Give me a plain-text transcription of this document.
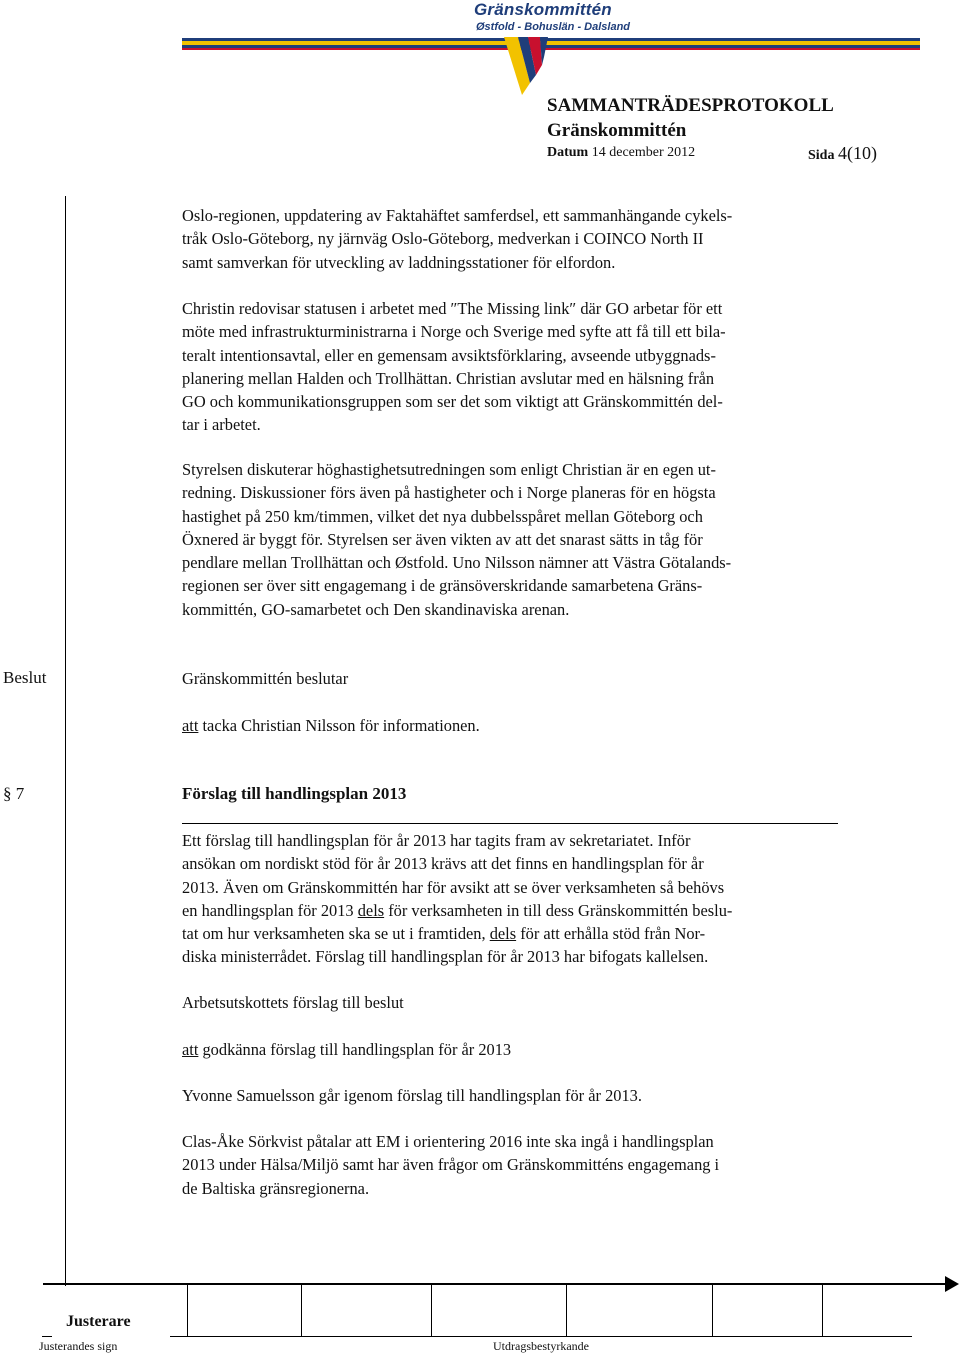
Gränskommittén
Østfold - Bohuslän - Dalsland
SAMMANTRÄDESPROTOKOLL
Gränskommittén
Datum 14 december 2012	Sida 4(10)
Oslo-regionen, uppdatering av Faktahäftet samferdsel, ett sammanhängande cykels-
tråk Oslo-Göteborg, ny järnväg Oslo-Göteborg, medverkan i COINCO North II
samt samverkan för utveckling av laddningsstationer för elfordon.
Christin redovisar statusen i arbetet med ″The Missing link″ där GO arbetar för ett
möte med infrastrukturministrarna i Norge och Sverige med syfte att få till ett bila-
teralt intentionsavtal, eller en gemensam avsiktsförklaring, avseende utbyggnads-
planering mellan Halden och Trollhättan. Christian avslutar med en hälsning från
GO och kommunikationsgruppen som ser det som viktigt att Gränskommittén del-
tar i arbetet.
Styrelsen diskuterar höghastighetsutredningen som enligt Christian är en egen ut-
redning. Diskussioner förs även på hastigheter och i Norge planeras för en högsta
hastighet på 250 km/timmen, vilket det nya dubbelsspåret mellan Göteborg och
Öxnered är byggt för. Styrelsen ser även vikten av att det snarast sätts in tåg för
pendlare mellan Trollhättan och Østfold. Uno Nilsson nämner att Västra Götalands-
regionen ser över sitt engagemang i de gränsöverskridande samarbetena Gräns-
kommittén, GO-samarbetet och Den skandinaviska arenan.
Beslut	Gränskommittén beslutar
att tacka Christian Nilsson för informationen.
§ 7	Förslag till handlingsplan 2013
Ett förslag till handlingsplan för år 2013 har tagits fram av sekretariatet. Inför
ansökan om nordiskt stöd för år 2013 krävs att det finns en handlingsplan för år
2013. Även om Gränskommittén har för avsikt att se över verksamheten så behövs
en handlingsplan för 2013 dels för verksamheten in till dess Gränskommittén beslu-
tat om hur verksamheten ska se ut i framtiden, dels för att erhålla stöd från Nor-
diska ministerrådet. Förslag till handlingsplan för år 2013 har bifogats kallelsen.
Arbetsutskottets förslag till beslut
att godkänna förslag till handlingsplan för år 2013
Yvonne Samuelsson går igenom förslag till handlingsplan för år 2013.
Clas-Åke Sörkvist påtalar att EM i orientering 2016 inte ska ingå i handlingsplan
2013 under Hälsa/Miljö samt har även frågor om Gränskommitténs engagemang i
de Baltiska gränsregionerna.
Justerare
Justerandes sign	Utdragsbestyrkande
